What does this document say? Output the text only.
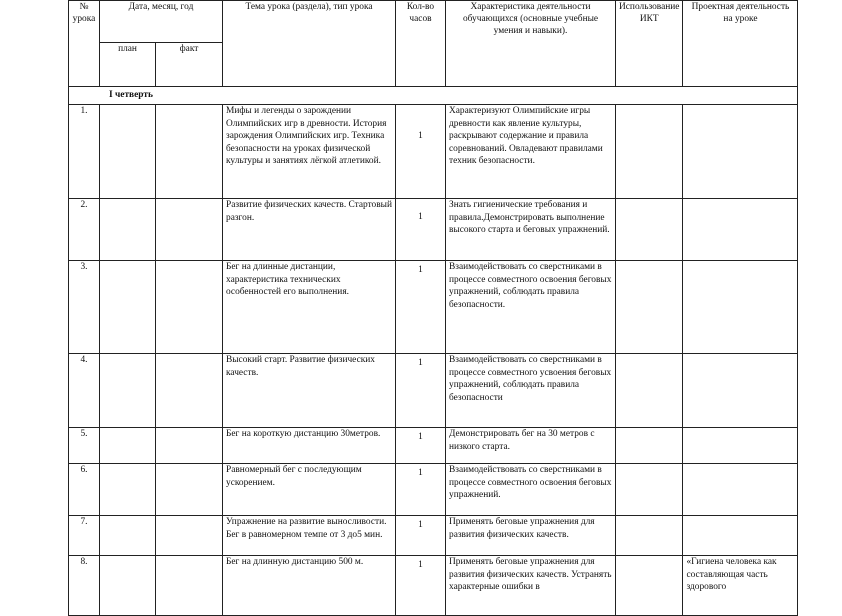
№ урока	Дата, месяц, год		Тема урока (раздела), тип урока	Кол-во часов	Характеристика деятельности обучающихся (основные учебные умения и навыки).	Использование ИКТ	Проектная деятельность на уроке
	план	факт					
I четверть							
1.			Мифы и легенды о зарождении Олимпийских игр в древности. История зарождения Олимпийских игр. Техника безопасности на уроках физической культуры и занятиях лёгкой атлетикой.	1	Характеризуют Олимпийские игры древности как явление культуры, раскрывают содержание и правила соревнований. Овладевают правилами техник безопасности.		
2.			Развитие физических качеств. Стартовый разгон.	1	Знать гигиенические требования и правила.Демонстрировать выполнение высокого старта и беговых упражнений.		
3.			Бег на длинные дистанции, характеристика технических особенностей его выполнения.	1	Взаимодействовать со сверстниками в процессе совместного освоения беговых упражнений, соблюдать правила безопасности.		
4.			Высокий старт. Развитие физических качеств.	1	Взаимодействовать со сверстниками в процессе совместного усвоения беговых упражнений, соблюдать правила безопасности		
5.			Бег на короткую дистанцию 30метров.	1	Демонстрировать бег на 30 метров с низкого старта.		
6.			Равномерный бег с последующим ускорением.	1	Взаимодействовать со сверстниками в процессе совместного освоения беговых упражнений.		
7.			Упражнение на развитие выносливости. Бег в равномерном темпе от 3 до5 мин.	1	Применять беговые упражнения для развития физических качеств.		
8.			Бег на длинную дистанцию 500 м.	1	Применять беговые упражнения для развития физических качеств. Устранять характерные ошибки в		«Гигиена человека как составляющая часть здорового
